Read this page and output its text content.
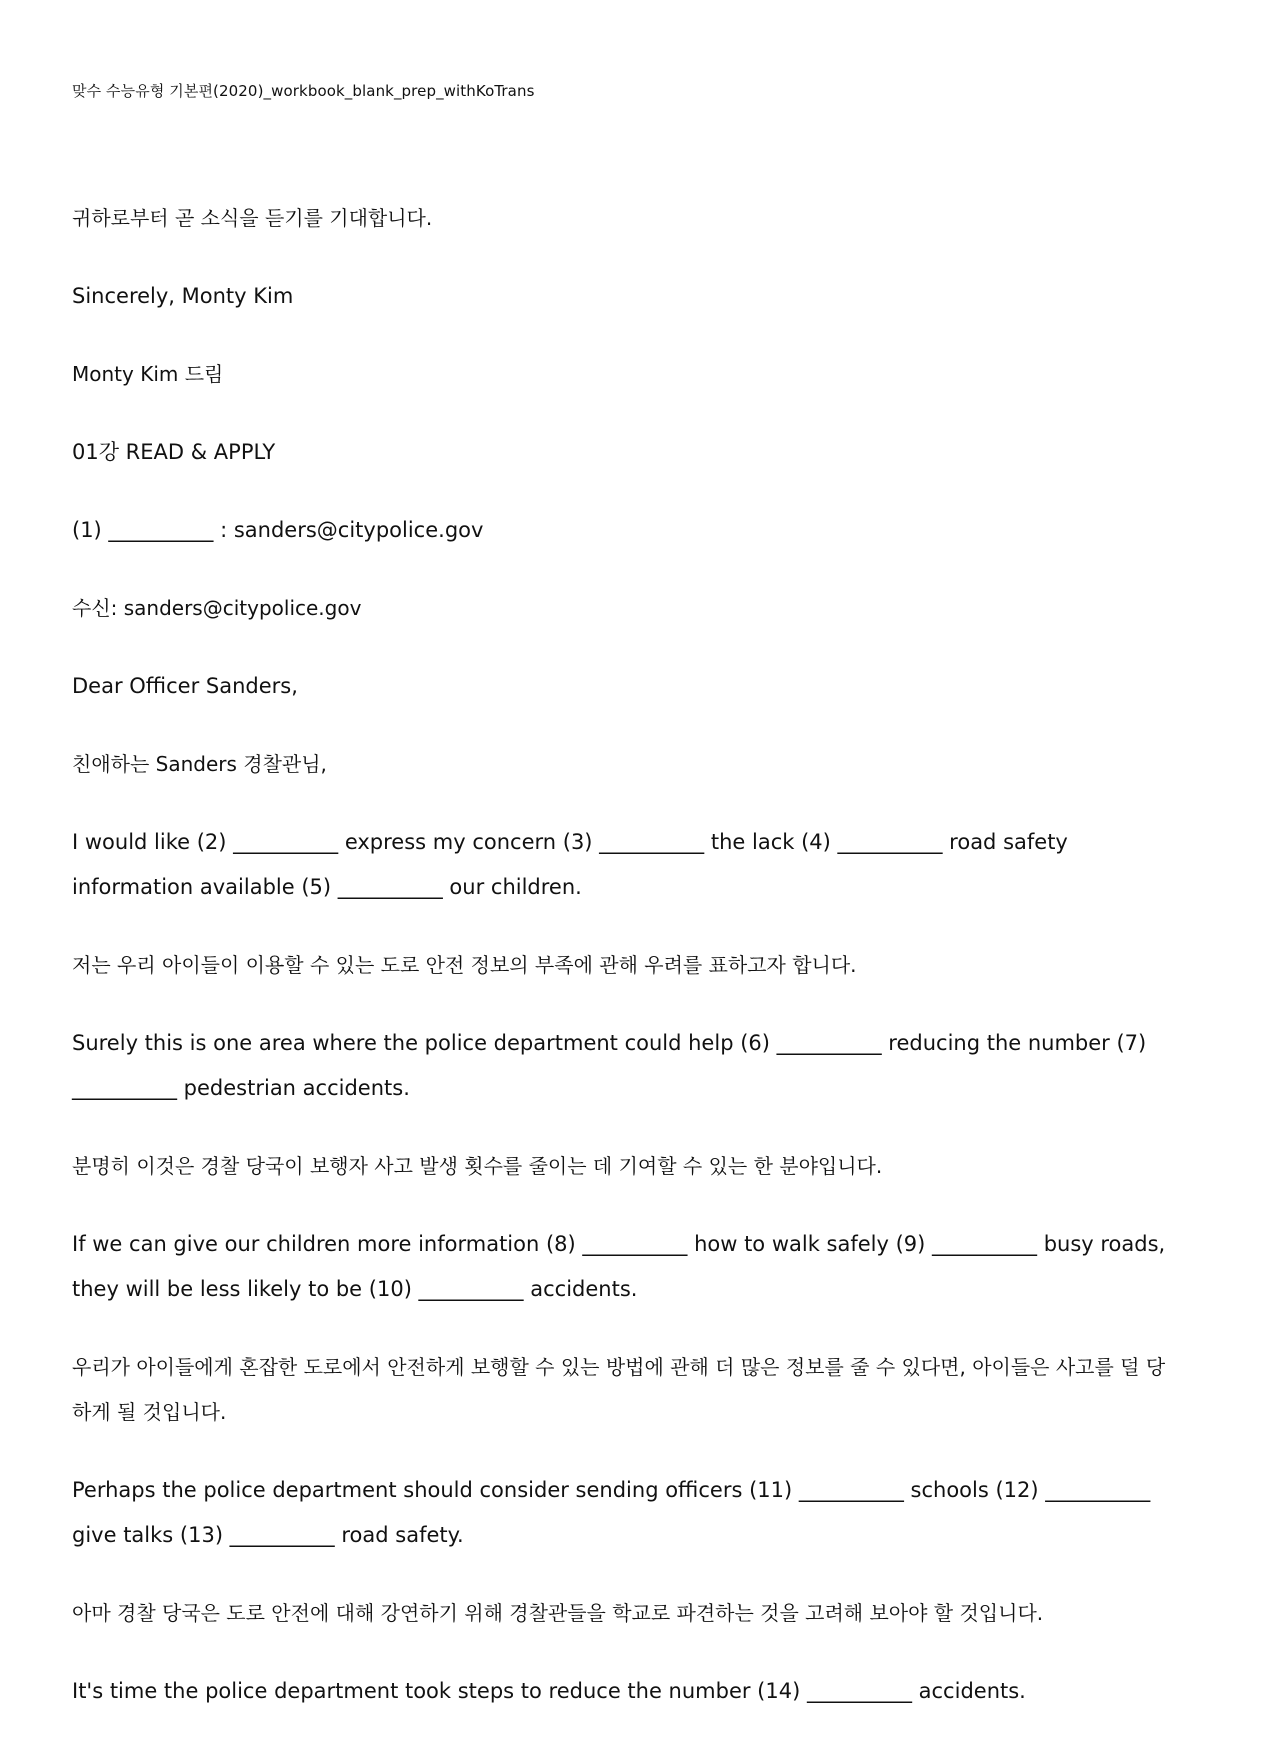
맞수 수능유형 기본편(2020)_workbook_blank_prep_withKoTrans

귀하로부터 곧 소식을 듣기를 기대합니다.

Sincerely, Monty Kim

Monty Kim 드림

01강 READ & APPLY

(1) __________ : sanders@citypolice.gov

수신: sanders@citypolice.gov

Dear Officer Sanders,

친애하는 Sanders 경찰관님,

I would like (2) __________ express my concern (3) __________ the lack (4) __________ road safety information available (5) __________ our children.

저는 우리 아이들이 이용할 수 있는 도로 안전 정보의 부족에 관해 우려를 표하고자 합니다.

Surely this is one area where the police department could help (6) __________ reducing the number (7) __________ pedestrian accidents.

분명히 이것은 경찰 당국이 보행자 사고 발생 횟수를 줄이는 데 기여할 수 있는 한 분야입니다.

If we can give our children more information (8) __________ how to walk safely (9) __________ busy roads, they will be less likely to be (10) __________ accidents.

우리가 아이들에게 혼잡한 도로에서 안전하게 보행할 수 있는 방법에 관해 더 많은 정보를 줄 수 있다면, 아이들은 사고를 덜 당하게 될 것입니다.

Perhaps the police department should consider sending officers (11) __________ schools (12) __________ give talks (13) __________ road safety.

아마 경찰 당국은 도로 안전에 대해 강연하기 위해 경찰관들을 학교로 파견하는 것을 고려해 보아야 할 것입니다.

It's time the police department took steps to reduce the number (14) __________ accidents.
